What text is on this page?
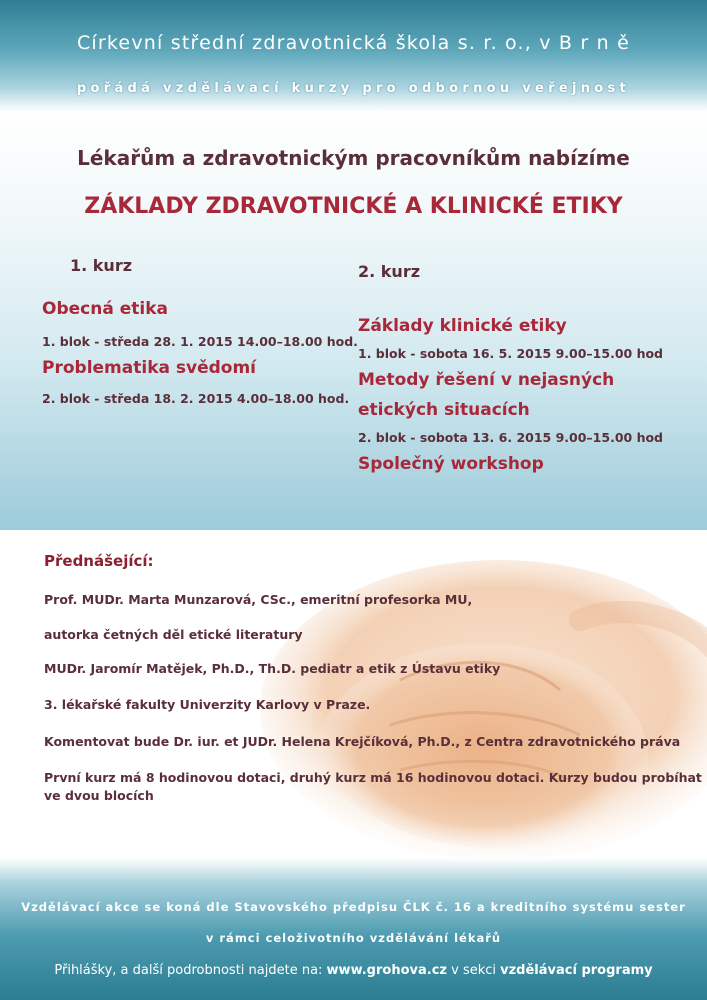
Církevní střední zdravotnická škola s. r. o., v B r n ě
pořádá vzdělávací kurzy pro odbornou veřejnost
Lékařům a zdravotnickým pracovníkům nabízíme
ZÁKLADY ZDRAVOTNICKÉ A KLINICKÉ ETIKY
1. kurz
Obecná etika
1. blok - středa 28. 1. 2015 14.00–18.00 hod.
Problematika svědomí
2. blok - středa 18. 2. 2015 4.00–18.00 hod.
2. kurz
Základy klinické etiky
1. blok - sobota 16. 5. 2015 9.00–15.00 hod
Metody řešení v nejasných
etických situacích
2. blok - sobota 13. 6. 2015 9.00–15.00 hod
Společný workshop
Přednášející:
Prof. MUDr. Marta Munzarová, CSc., emeritní profesorka MU,
autorka četných děl etické literatury
MUDr. Jaromír Matějek, Ph.D., Th.D. pediatr a etik z Ústavu etiky
3. lékařské fakulty Univerzity Karlovy v Praze.
Komentovat bude Dr. iur. et JUDr. Helena Krejčíková, Ph.D., z Centra zdravotnického práva
První kurz má 8 hodinovou dotaci, druhý kurz má 16 hodinovou dotaci. Kurzy budou probíhat
ve dvou blocích
Vzdělávací akce se koná dle Stavovského předpisu ČLK č. 16 a kreditního systému sester
v rámci celoživotního vzdělávání lékařů
Přihlášky, a další podrobnosti najdete na: www.grohova.cz v sekci vzdělávací programy
